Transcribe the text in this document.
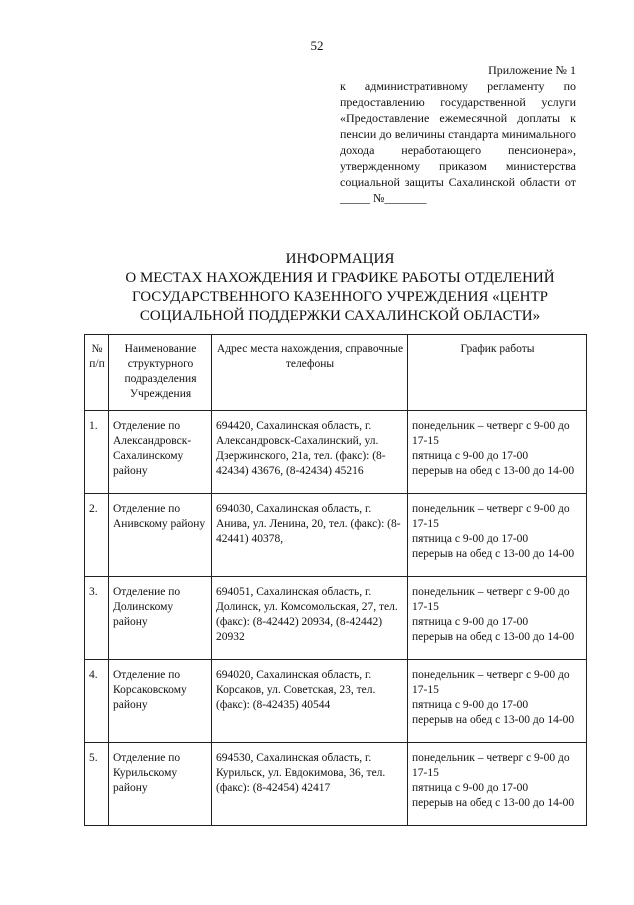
52
Приложение № 1
к административному регламенту по предоставлению государственной услуги «Предоставление ежемесячной доплаты к пенсии до величины стандарта минимального дохода неработающего пенсионера», утвержденному приказом министерства социальной защиты Сахалинской области от _____ №_______
ИНФОРМАЦИЯ
О МЕСТАХ НАХОЖДЕНИЯ И ГРАФИКЕ РАБОТЫ ОТДЕЛЕНИЙ
ГОСУДАРСТВЕННОГО КАЗЕННОГО УЧРЕЖДЕНИЯ «ЦЕНТР
СОЦИАЛЬНОЙ ПОДДЕРЖКИ САХАЛИНСКОЙ ОБЛАСТИ»
№ п/п	Наименование структурного подразделения Учреждения	Адрес места нахождения, справочные телефоны	График работы
1.	Отделение по Александровск-Сахалинскому району	694420, Сахалинская область, г. Александровск-Сахалинский, ул. Дзержинского, 21а, тел. (факс): (8-42434) 43676, (8-42434) 45216	понедельник – четверг с 9-00 до 17-15
пятница с 9-00 до 17-00
перерыв на обед с 13-00 до 14-00

2.	Отделение по Анивскому району	694030, Сахалинская область, г. Анива, ул. Ленина, 20, тел. (факс): (8-42441) 40378,	понедельник – четверг с 9-00 до 17-15
пятница с 9-00 до 17-00
перерыв на обед с 13-00 до 14-00

3.	Отделение по Долинскому району	694051, Сахалинская область, г. Долинск, ул. Комсомольская, 27, тел. (факс): (8-42442) 20934, (8-42442) 20932	понедельник – четверг с 9-00 до 17-15
пятница с 9-00 до 17-00
перерыв на обед с 13-00 до 14-00

4.	Отделение по Корсаковскому району	694020, Сахалинская область, г. Корсаков, ул. Советская, 23, тел. (факс): (8-42435) 40544	понедельник – четверг с 9-00 до 17-15
пятница с 9-00 до 17-00
перерыв на обед с 13-00 до 14-00

5.	Отделение по Курильскому району	694530, Сахалинская область, г. Курильск, ул. Евдокимова, 36, тел. (факс): (8-42454) 42417	понедельник – четверг с 9-00 до 17-15
пятница с 9-00 до 17-00
перерыв на обед с 13-00 до 14-00
